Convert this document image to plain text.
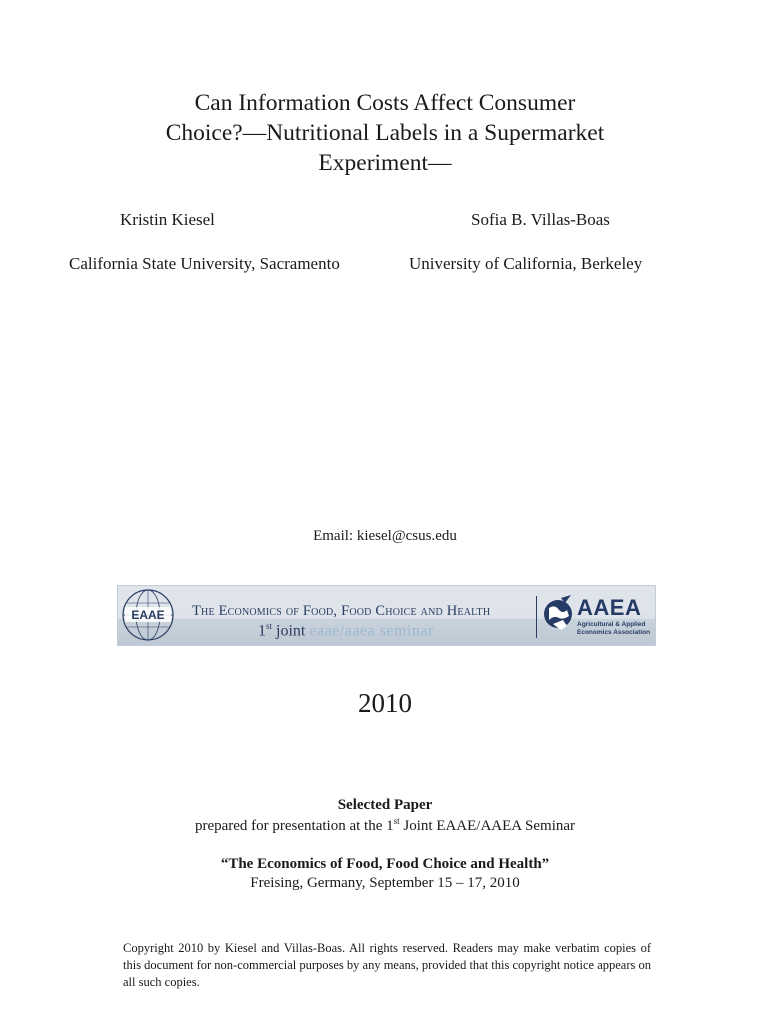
Can Information Costs Affect Consumer
Choice?—Nutritional Labels in a Supermarket
Experiment—
Kristin Kiesel	Sofia B. Villas-Boas
California State University, Sacramento	University of California, Berkeley
Email: kiesel@csus.edu
EAAE The Economics of Food, Food Choice and Health
1st joint eaae/aaea seminar
AAEA
Agricultural & Applied
Economics Association
2010
Selected Paper
prepared for presentation at the 1st Joint EAAE/AAEA Seminar
“The Economics of Food, Food Choice and Health”
Freising, Germany, September 15 – 17, 2010
Copyright 2010 by Kiesel and Villas-Boas. All rights reserved. Readers may make verbatim copies of this document for non-commercial purposes by any means, provided that this copyright notice appears on all such copies.
